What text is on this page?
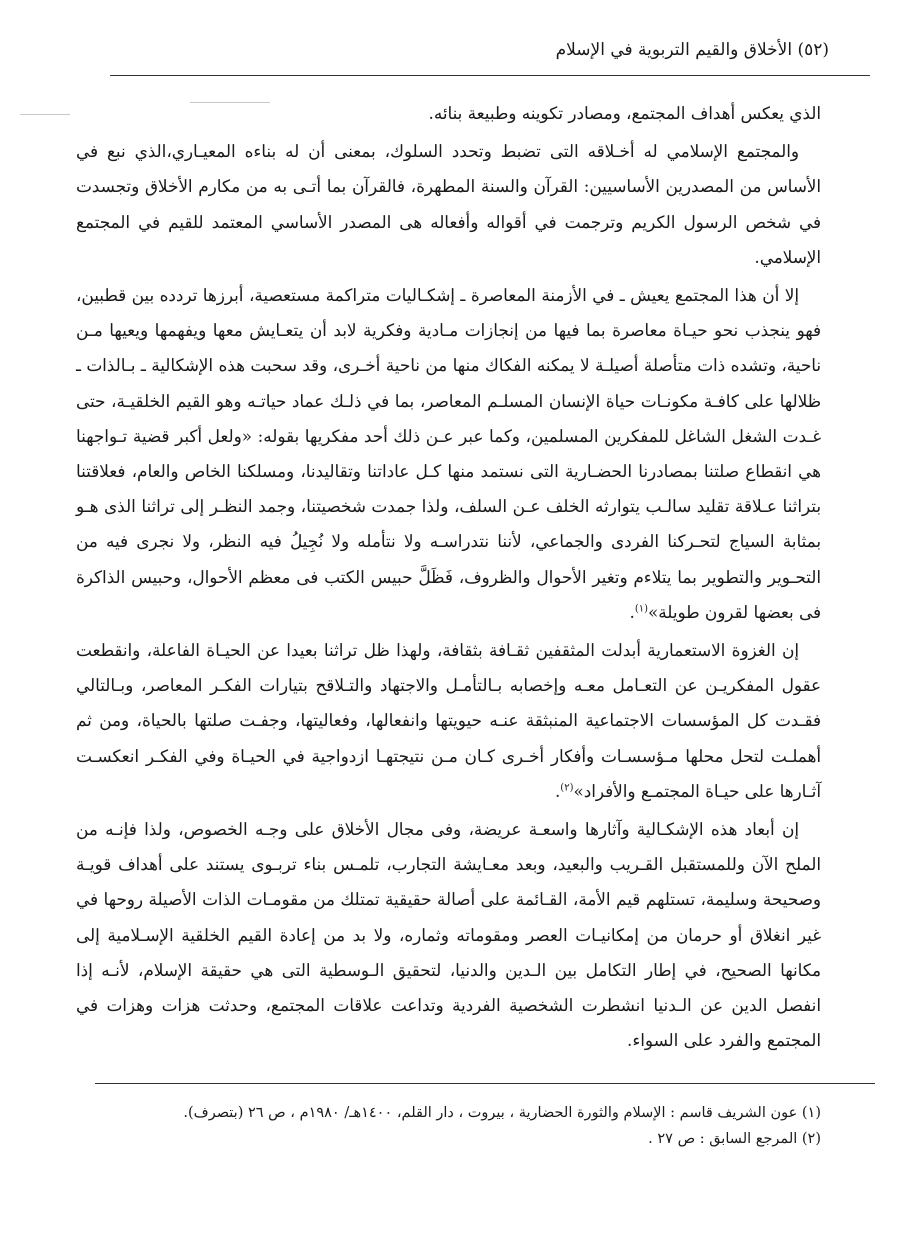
(٥٢) الأخلاق والقيم التربوية في الإسلام

الذي يعكس أهداف المجتمع، ومصادر تكوينه وطبيعة بنائه.

والمجتمع الإسلامي له أخـلاقه التى تضبط وتحدد السلوك، بمعنى أن له بناءه المعيـاري،الذي نبع في الأساس من المصدرين الأساسيين: القرآن والسنة المطهرة، فالقرآن بما أتـى به من مكارم الأخلاق وتجسدت في شخص الرسول الكريم وترجمت في أقواله وأفعاله هى المصدر الأساسي المعتمد للقيم في المجتمع الإسلامي.

إلا أن هذا المجتمع يعيش ـ في الأزمنة المعاصرة ـ إشكـاليات متراكمة مستعصية، أبرزها تردده بين قطبين، فهو ينجذب نحو حيـاة معاصرة بما فيها من إنجازات مـادية وفكرية لابد أن يتعـايش معها ويفهمها ويعيها مـن ناحية، وتشده ذات متأصلة أصيلـة لا يمكنه الفكاك منها من ناحية أخـرى، وقد سحبت هذه الإشكالية ـ بـالذات ـ ظلالها على كافـة مكونـات حياة الإنسان المسلـم المعاصر، بما في ذلـك عماد حياتـه وهو القيم الخلقيـة، حتى غـدت الشغل الشاغل للمفكرين المسلمين، وكما عبر عـن ذلك أحد مفكريها بقوله: «ولعل أكبر قضية تـواجهنا هي انقطاع صلتنا بمصادرنا الحضـارية التى نستمد منها كـل عاداتنا وتقاليدنا، ومسلكنا الخاص والعام، فعلاقتنا بتراثنا عـلاقة تقليد سالـب يتوارثه الخلف عـن السلف، ولذا جمدت شخصيتنا، وجمد النظـر إلى تراثنا الذى هـو بمثابة السياج لتحـركنا الفردى والجماعي، لأننا نتدراسـه ولا نتأمله ولا نُجِيلُ فيه النظر، ولا نجرى فيه من التحـوير والتطوير بما يتلاءم وتغير الأحوال والظروف، فَظَلَّ حبيس الكتب فى معظم الأحوال، وحبيس الذاكرة فى بعضها لقرون طويلة»$^{(١)}$.

إن الغزوة الاستعمارية أبدلت المثقفين ثقـافة بثقافة، ولهذا ظل تراثنا بعيدا عن الحيـاة الفاعلة، وانقطعت عقول المفكريـن عن التعـامل معـه وإخصابه بـالتأمـل والاجتهاد والتـلاقح بتيارات الفكـر المعاصر، وبـالتالي فقـدت كل المؤسسات الاجتماعية المنبثقة عنـه حيويتها وانفعالها، وفعاليتها، وجفـت صلتها بالحياة، ومن ثم أهملـت لتحل محلها مـؤسسـات وأفكار أخـرى كـان مـن نتيجتهـا ازدواجية في الحيـاة وفي الفكـر انعكسـت آثـارها على حيـاة المجتمـع والأفراد»$^{(٢)}$.

إن أبعاد هذه الإشكـالية وآثارها واسعـة عريضة، وفى مجال الأخلاق على وجـه الخصوص، ولذا فإنـه من الملح الآن وللمستقبل القـريب والبعيد، وبعد معـايشة التجارب، تلمـس بناء تربـوى يستند على أهداف قويـة وصحيحة وسليمة، تستلهم قيم الأمة، القـائمة على أصالة حقيقية تمتلك من مقومـات الذات الأصيلة روحها في غير انغلاق أو حرمان من إمكانيـات العصر ومقوماته وثماره، ولا بد من إعادة القيم الخلقية الإسـلامية إلى مكانها الصحيح، في إطار التكامل بين الـدين والدنيا، لتحقيق الـوسطية التى هي حقيقة الإسلام، لأنـه إذا انفصل الدين عن الـدنيا انشطرت الشخصية الفردية وتداعت علاقات المجتمع، وحدثت هزات وهزات في المجتمع والفرد على السواء.

(١) عون الشريف قاسم : الإسلام والثورة الحضارية ، بيروت ، دار القلم، ١٤٠٠هـ/ ١٩٨٠م ، ص ٢٦ (بتصرف).
(٢) المرجع السابق : ص ٢٧ .
